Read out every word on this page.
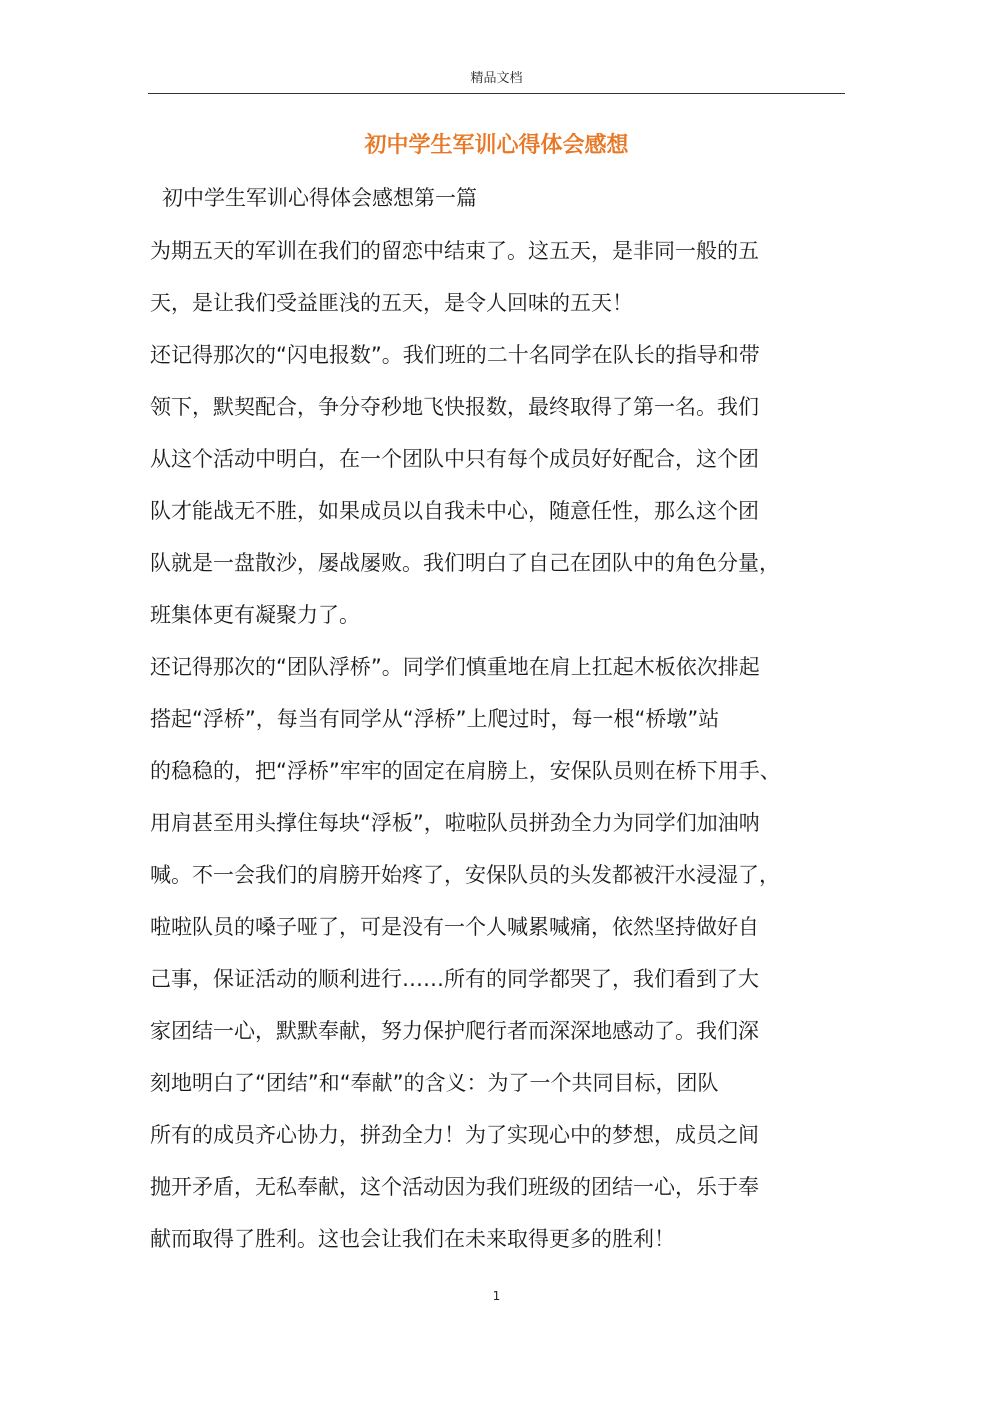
精品文档
初中学生军训心得体会感想
初中学生军训心得体会感想第一篇
为期五天的军训在我们的留恋中结束了。这五天，是非同一般的五
天，是让我们受益匪浅的五天，是令人回味的五天！
还记得那次的“闪电报数”。我们班的二十名同学在队长的指导和带
领下，默契配合，争分夺秒地飞快报数，最终取得了第一名。我们
从这个活动中明白，在一个团队中只有每个成员好好配合，这个团
队才能战无不胜，如果成员以自我未中心，随意任性，那么这个团
队就是一盘散沙，屡战屡败。我们明白了自己在团队中的角色分量，
班集体更有凝聚力了。
还记得那次的“团队浮桥”。同学们慎重地在肩上扛起木板依次排起
搭起“浮桥”，每当有同学从“浮桥”上爬过时，每一根“桥墩”站
的稳稳的，把“浮桥”牢牢的固定在肩膀上，安保队员则在桥下用手、
用肩甚至用头撑住每块“浮板”，啦啦队员拼劲全力为同学们加油呐
喊。不一会我们的肩膀开始疼了，安保队员的头发都被汗水浸湿了，
啦啦队员的嗓子哑了，可是没有一个人喊累喊痛，依然坚持做好自
己事，保证活动的顺利进行……所有的同学都哭了，我们看到了大
家团结一心，默默奉献，努力保护爬行者而深深地感动了。我们深
刻地明白了“团结”和“奉献”的含义：为了一个共同目标，团队
所有的成员齐心协力，拼劲全力！为了实现心中的梦想，成员之间
抛开矛盾，无私奉献，这个活动因为我们班级的团结一心，乐于奉
献而取得了胜利。这也会让我们在未来取得更多的胜利！
1
